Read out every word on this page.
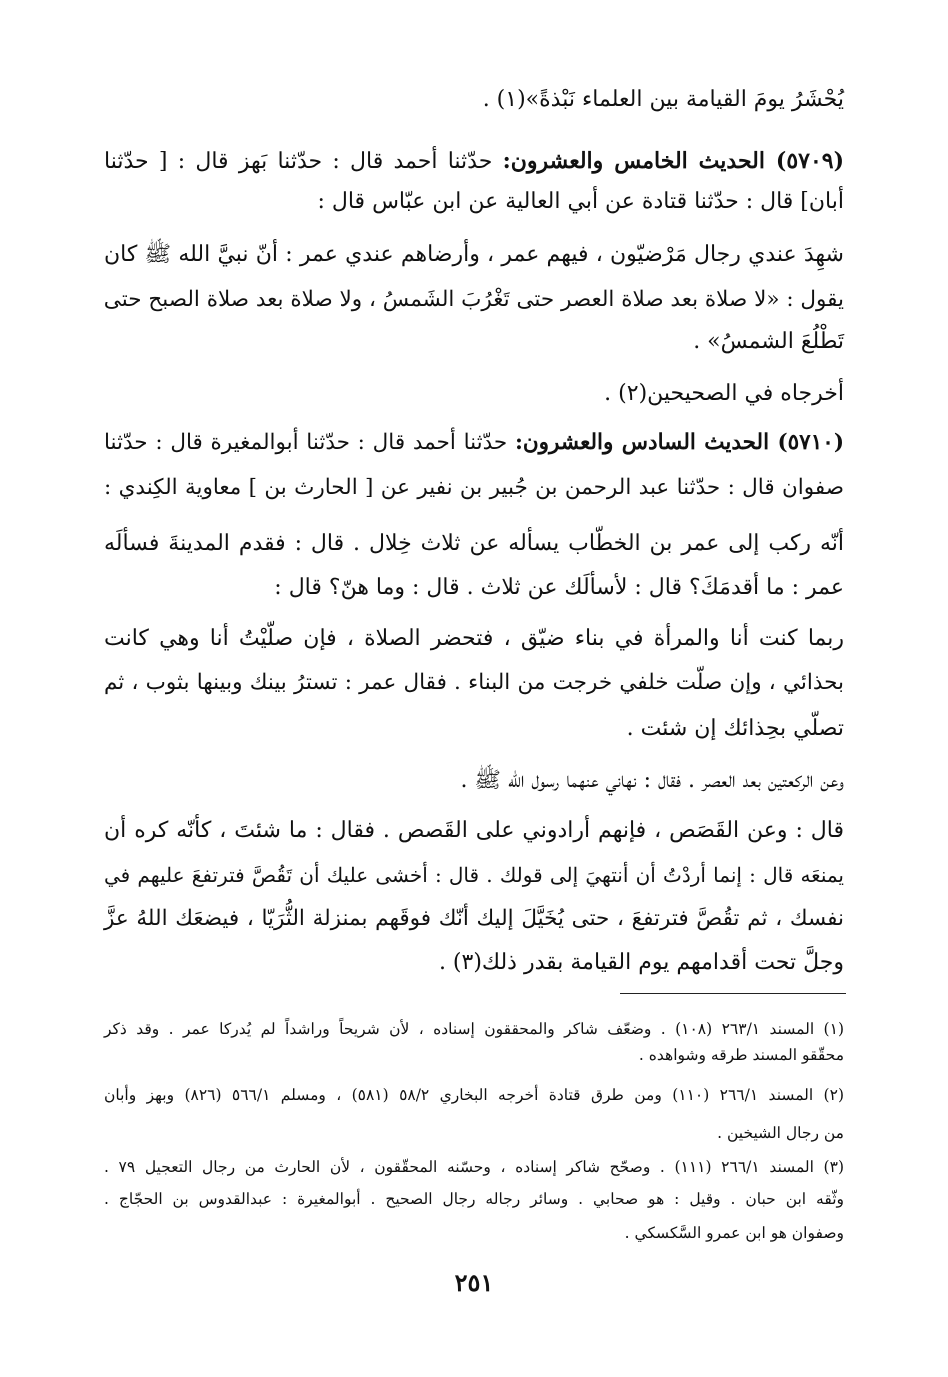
يُحْشَرُ يومَ القيامة بين العلماء نَبْذةً»(١) .
(٥٧٠٩) الحديث الخامس والعشرون: حدّثنا أحمد قال : حدّثنا بَهز قال : [ حدّثنا
أبان] قال : حدّثنا قتادة عن أبي العالية عن ابن عبّاس قال :
شهِدَ عندي رجال مَرْضيّون ، فيهم عمر ، وأرضاهم عندي عمر : أنّ نبيَّ الله ﷺ كان
يقول : «لا صلاة بعد صلاة العصر حتى تَغْرُبَ الشَمسُ ، ولا صلاة بعد صلاة الصبح حتى
تَطْلُعَ الشمسُ» .
أخرجاه في الصحيحين(٢) .
(٥٧١٠) الحديث السادس والعشرون: حدّثنا أحمد قال : حدّثنا أبوالمغيرة قال : حدّثنا
صفوان قال : حدّثنا عبد الرحمن بن جُبير بن نفير عن [ الحارث بن ] معاوية الكِندي :
أنّه ركب إلى عمر بن الخطّاب يسأله عن ثلاث خِلال . قال : فقدم المدينةَ فسألَه
عمر : ما أقدمَكَ؟ قال : لأسألَك عن ثلاث . قال : وما هنّ؟ قال :
ربما كنت أنا والمرأة في بناء ضيّق ، فتحضر الصلاة ، فإن صلّيْتُ أنا وهي كانت
بحذائي ، وإن صلّت خلفي خرجت من البناء . فقال عمر : تسترُ بينك وبينها بثوب ، ثم
تصلّي بحِذائك إن شئت .
وعن الركعتين بعد العصر . فقال : نهاني عنهما رسول الله ﷺ .
قال : وعن القَصَص ، فإنهم أرادوني على القَصص . فقال : ما شئتَ ، كأنّه كره أن
يمنعَه قال : إنما أردْتُ أن أنتهيَ إلى قولك . قال : أخشى عليك أن تَقُصَّ فترتفعَ عليهم في
نفسك ، ثم تقُصَّ فترتفعَ ، حتى يُخَيَّلَ إليك أنّك فوقَهم بمنزلة الثُّرَيّا ، فيضعَك اللهُ عزَّ
وجلَّ تحت أقدامهم يوم القيامة بقدر ذلك(٣) .
(١) المسند ٢٦٣/١ (١٠٨) . وضعّف شاكر والمحققون إسناده ، لأن شريحاً وراشداً لم يُدركا عمر . وقد ذكر
محقّقو المسند طرقه وشواهده .
(٢) المسند ٢٦٦/١ (١١٠) ومن طرق قتادة أخرجه البخاري ٥٨/٢ (٥٨١) ، ومسلم ٥٦٦/١ (٨٢٦) وبهز وأبان
من رجال الشيخين .
(٣) المسند ٢٦٦/١ (١١١) . وصحّح شاكر إسناده ، وحسّنه المحقّقون ، لأن الحارث من رجال التعجيل ٧٩ .
وثّقه ابن حبان . وقيل : هو صحابي . وسائر رجاله رجال الصحيح . أبوالمغيرة : عبدالقدوس بن الحجّاج .
وصفوان هو ابن عمرو السَّكسكي .
٢٥١
